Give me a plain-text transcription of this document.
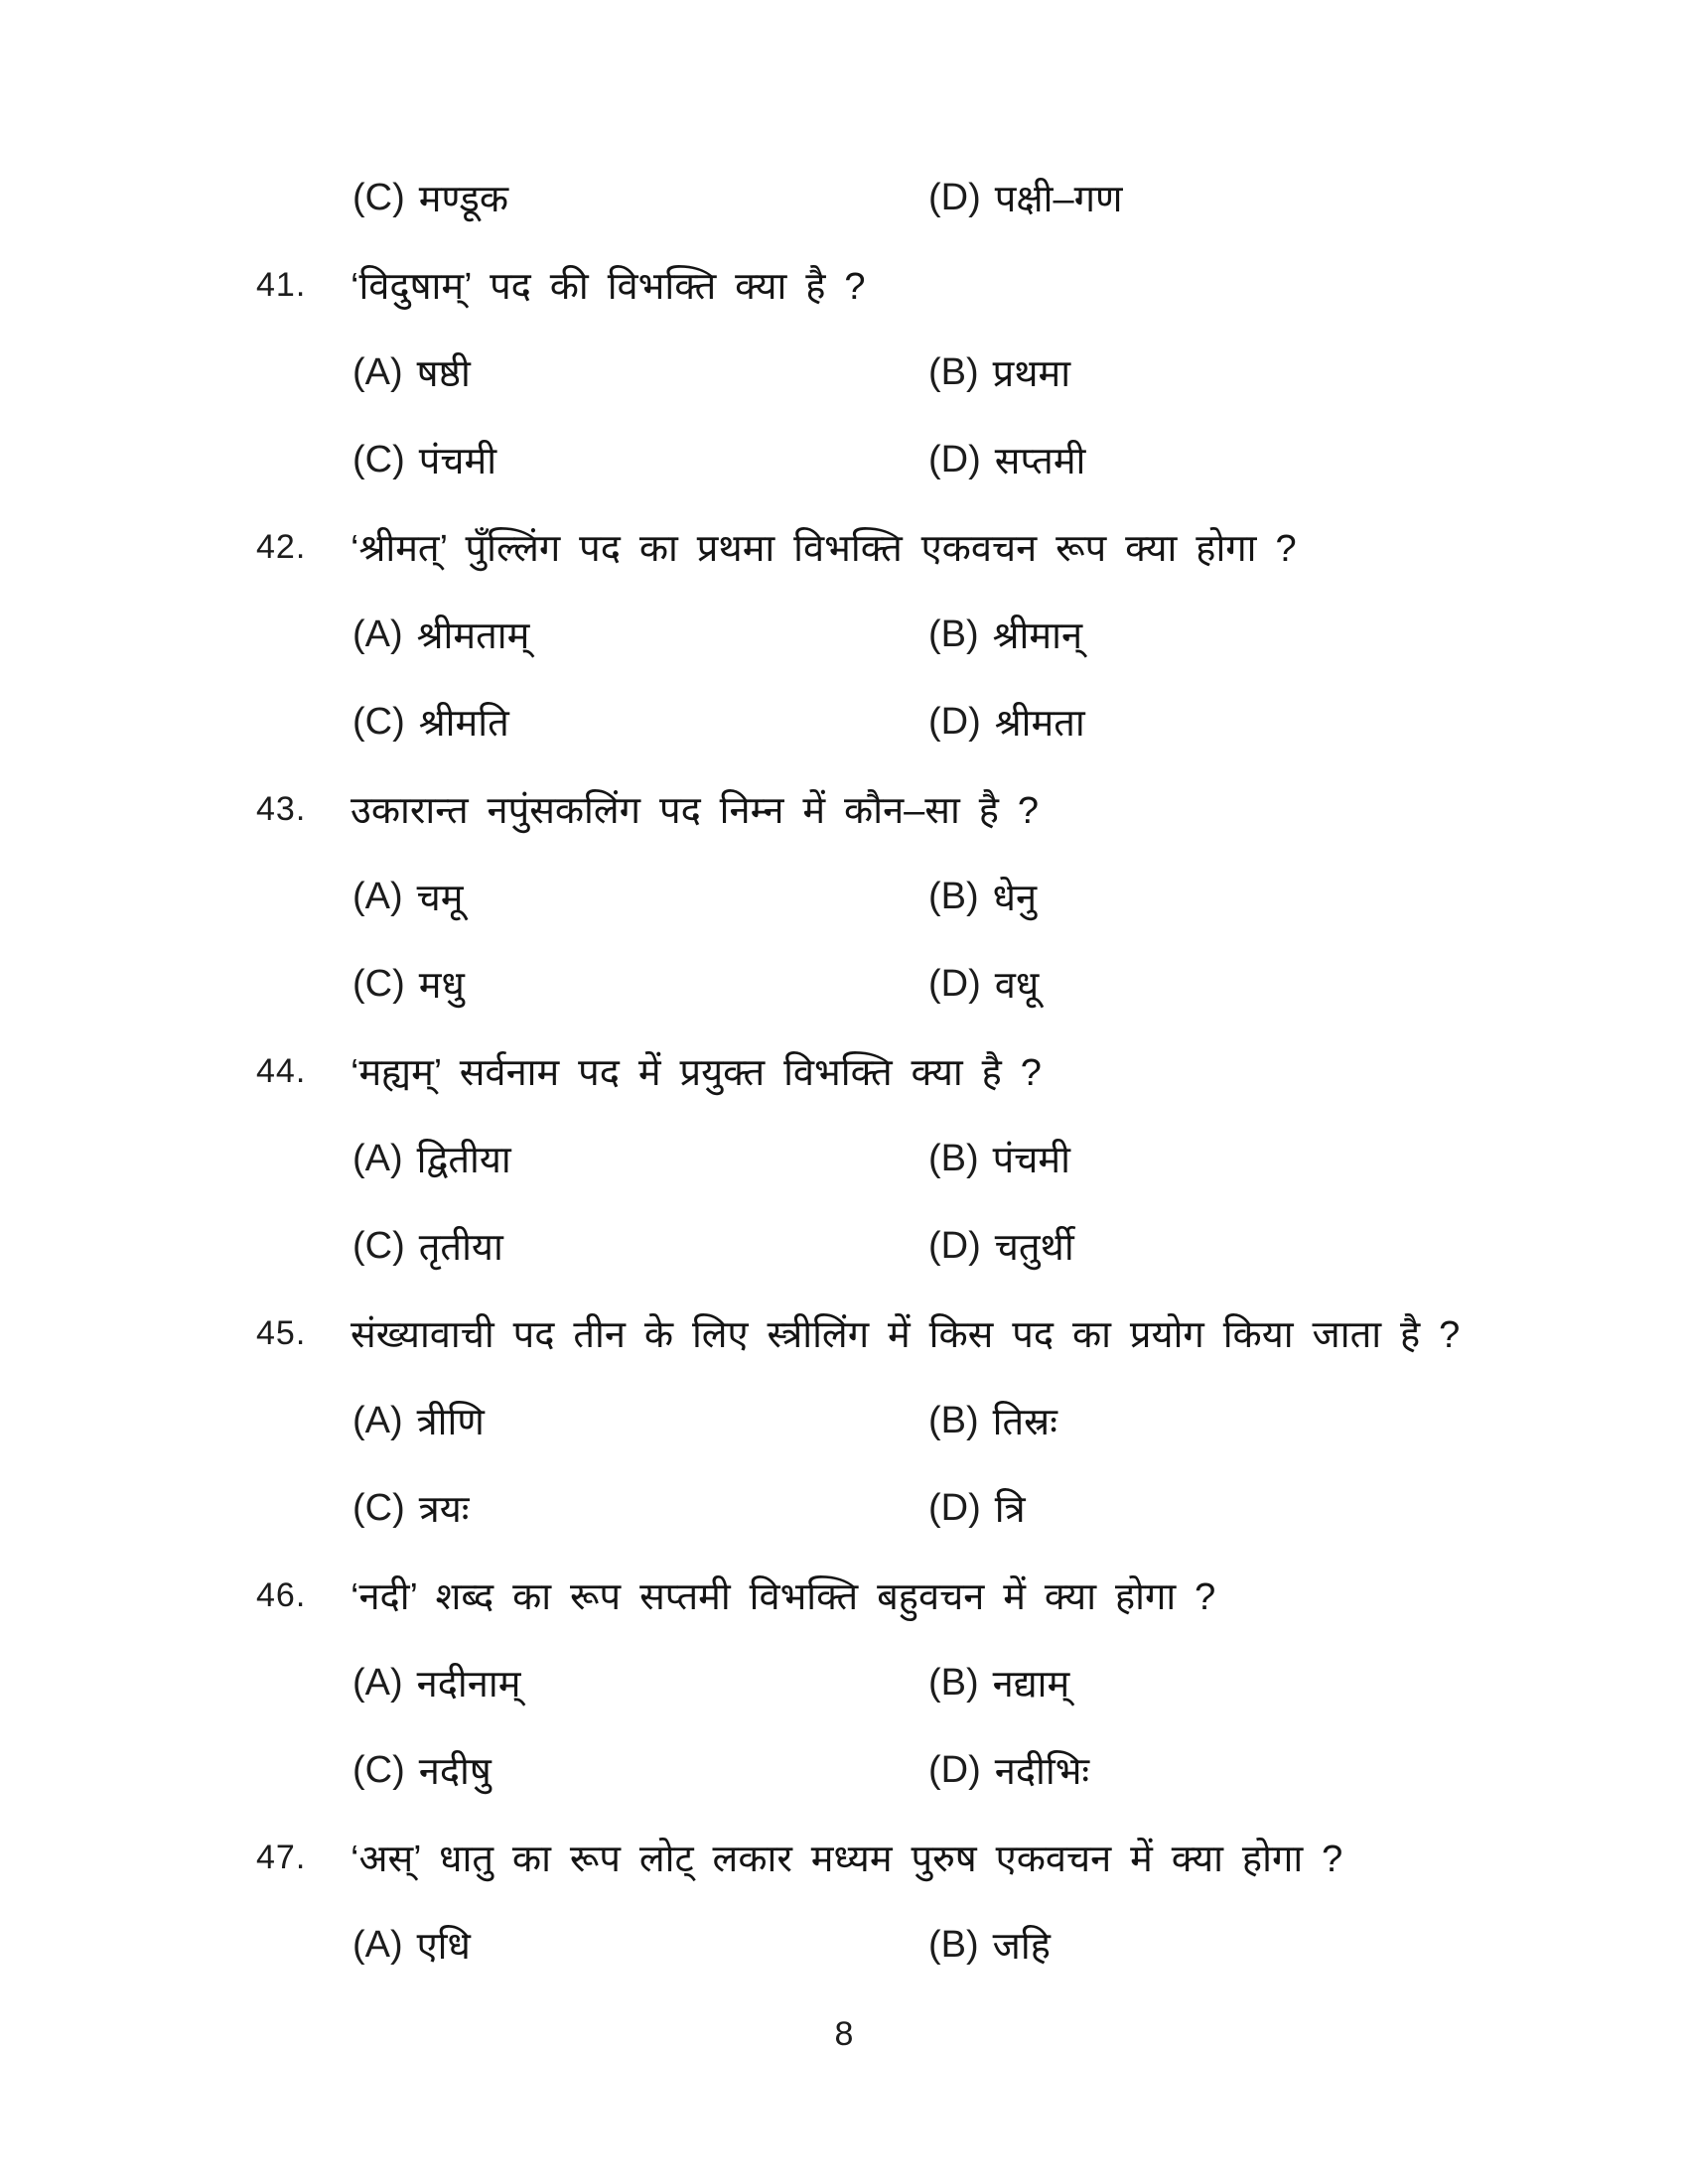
(C) मण्डूक	(D) पक्षी–गण
41.	‘विदुषाम्’ पद की विभक्ति क्या है ?
(A) षष्ठी	(B) प्रथमा
(C) पंचमी	(D) सप्तमी
42.	‘श्रीमत्’ पुँल्लिंग पद का प्रथमा विभक्ति एकवचन रूप क्या होगा ?
(A) श्रीमताम्	(B) श्रीमान्
(C) श्रीमति	(D) श्रीमता
43.	उकारान्त नपुंसकलिंग पद निम्न में कौन–सा है ?
(A) चमू	(B) धेनु
(C) मधु	(D) वधू
44.	‘मह्यम्’ सर्वनाम पद में प्रयुक्त विभक्ति क्या है ?
(A) द्वितीया	(B) पंचमी
(C) तृतीया	(D) चतुर्थी
45.	संख्यावाची पद तीन के लिए स्त्रीलिंग में किस पद का प्रयोग किया जाता है ?
(A) त्रीणि	(B) तिस्रः
(C) त्रयः	(D) त्रि
46.	‘नदी’ शब्द का रूप सप्तमी विभक्ति बहुवचन में क्या होगा ?
(A) नदीनाम्	(B) नद्याम्
(C) नदीषु	(D) नदीभिः
47.	‘अस्’ धातु का रूप लोट् लकार मध्यम पुरुष एकवचन में क्या होगा ?
(A) एधि	(B) जहि
8
